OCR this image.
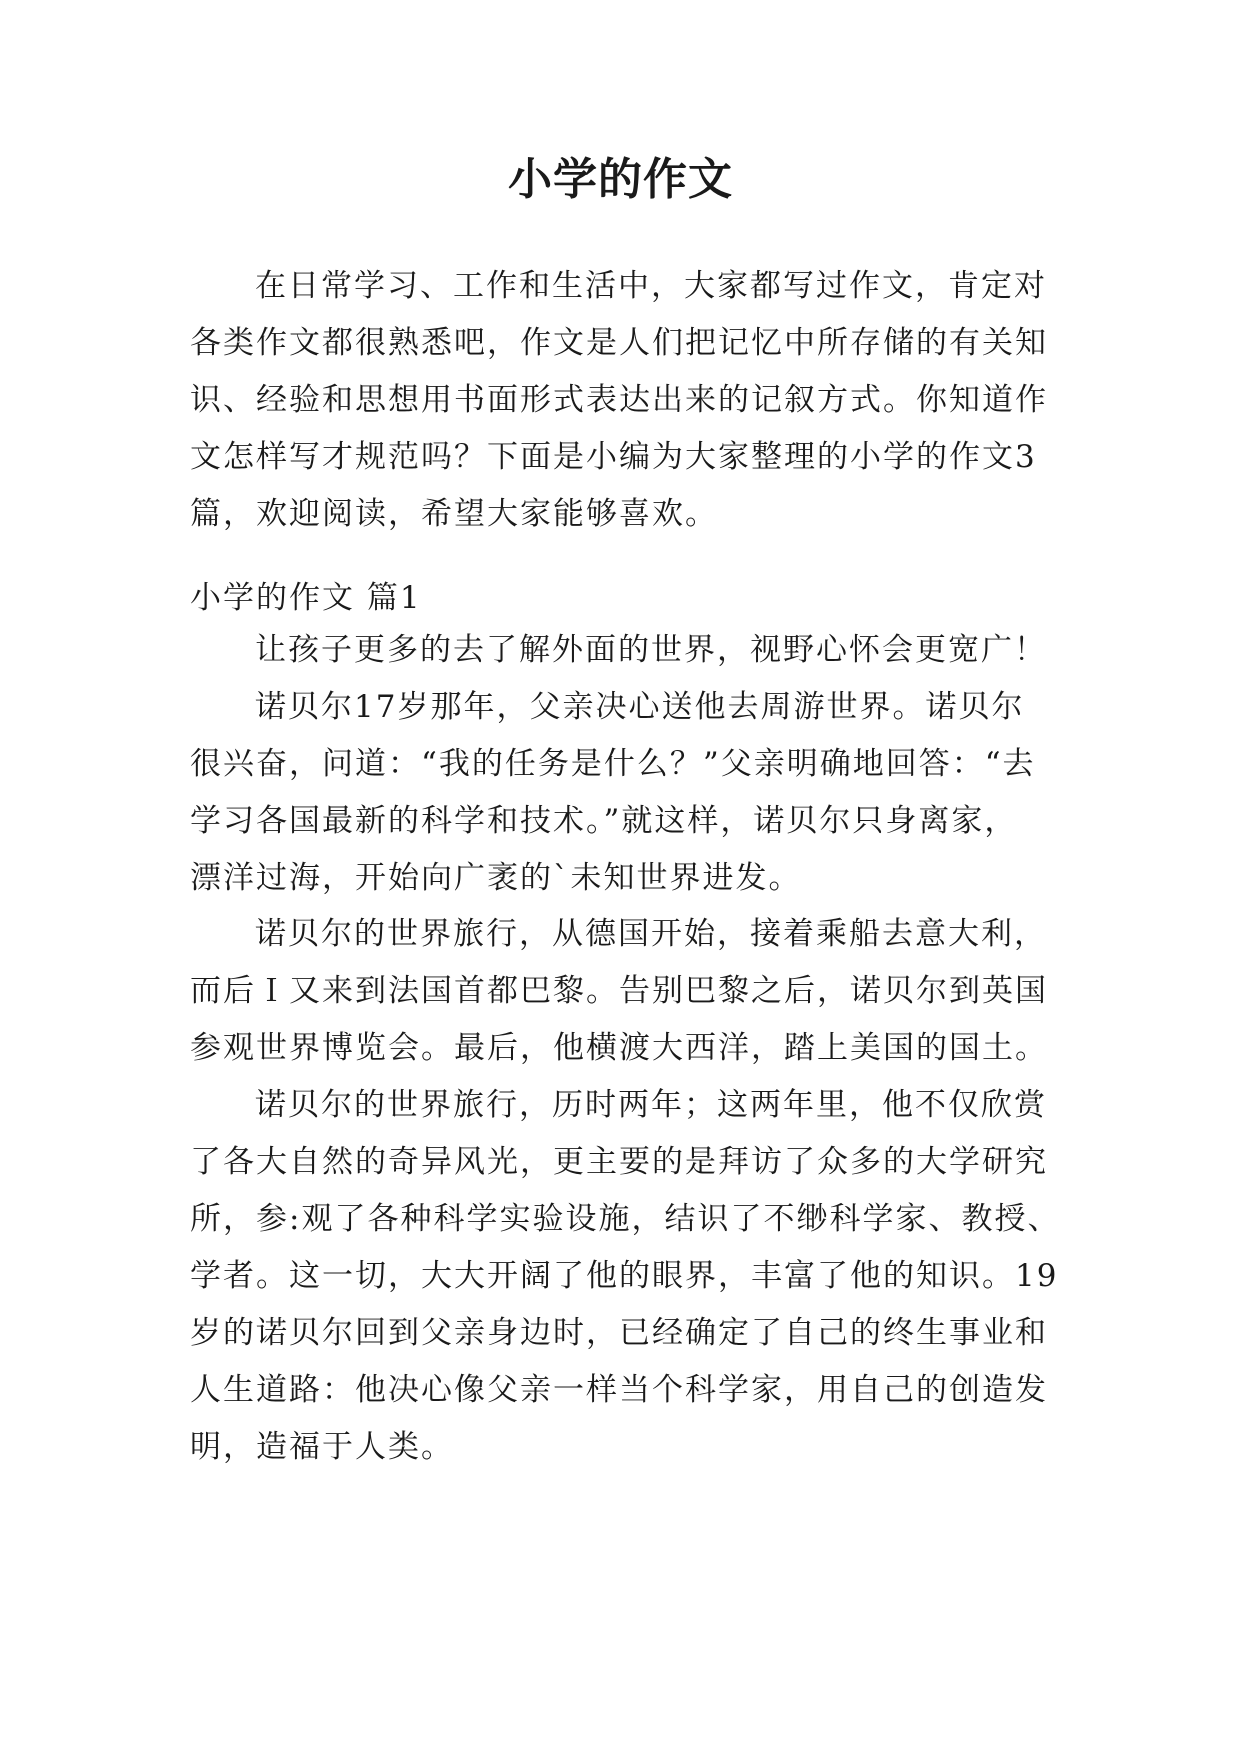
小学的作文
在日常学习、工作和生活中，大家都写过作文，肯定对
各类作文都很熟悉吧，作文是人们把记忆中所存储的有关知
识、经验和思想用书面形式表达出来的记叙方式。你知道作
文怎样写才规范吗？下面是小编为大家整理的小学的作文3
篇，欢迎阅读，希望大家能够喜欢。
小学的作文 篇1
让孩子更多的去了解外面的世界，视野心怀会更宽广！
诺贝尔17岁那年，父亲决心送他去周游世界。诺贝尔
很兴奋，问道：“我的任务是什么？”父亲明确地回答：“去
学习各国最新的科学和技术。”就这样，诺贝尔只身离家，
漂洋过海，开始向广袤的`未知世界进发。
诺贝尔的世界旅行，从德国开始，接着乘船去意大利，
而后Ｉ又来到法国首都巴黎。告别巴黎之后，诺贝尔到英国
参观世界博览会。最后，他横渡大西洋，踏上美国的国土。
诺贝尔的世界旅行，历时两年；这两年里，他不仅欣赏
了各大自然的奇异风光，更主要的是拜访了众多的大学研究
所，参:观了各种科学实验设施，结识了不缈科学家、教授、
学者。这一切，大大开阔了他的眼界，丰富了他的知识。19
岁的诺贝尔回到父亲身边时，已经确定了自己的终生事业和
人生道路：他决心像父亲一样当个科学家，用自己的创造发
明，造福于人类。
